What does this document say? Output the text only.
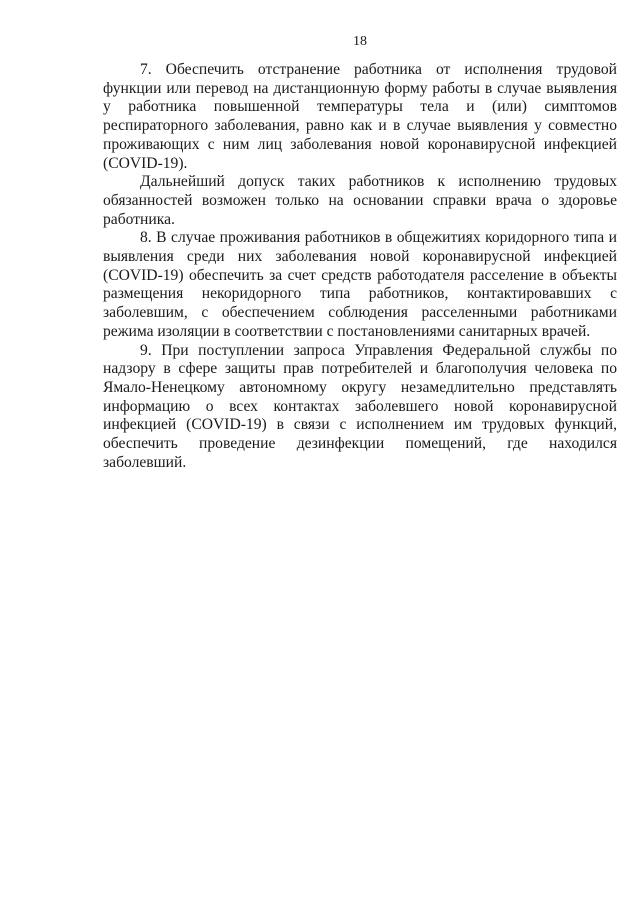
18

7. Обеспечить отстранение работника от исполнения трудовой функции или перевод на дистанционную форму работы в случае выявления у работника повышенной температуры тела и (или) симптомов респираторного заболевания, равно как и в случае выявления у совместно проживающих с ним лиц заболевания новой коронавирусной инфекцией (COVID-19).

Дальнейший допуск таких работников к исполнению трудовых обязанностей возможен только на основании справки врача о здоровье работника.

8. В случае проживания работников в общежитиях коридорного типа и выявления среди них заболевания новой коронавирусной инфекцией (COVID-19) обеспечить за счет средств работодателя расселение в объекты размещения некоридорного типа работников, контактировавших с заболевшим, с обеспечением соблюдения расселенными работниками режима изоляции в соответствии с постановлениями санитарных врачей.

9. При поступлении запроса Управления Федеральной службы по надзору в сфере защиты прав потребителей и благополучия человека по Ямало-Ненецкому автономному округу незамедлительно представлять информацию о всех контактах заболевшего новой коронавирусной инфекцией (COVID-19) в связи с исполнением им трудовых функций, обеспечить проведение дезинфекции помещений, где находился заболевший.
